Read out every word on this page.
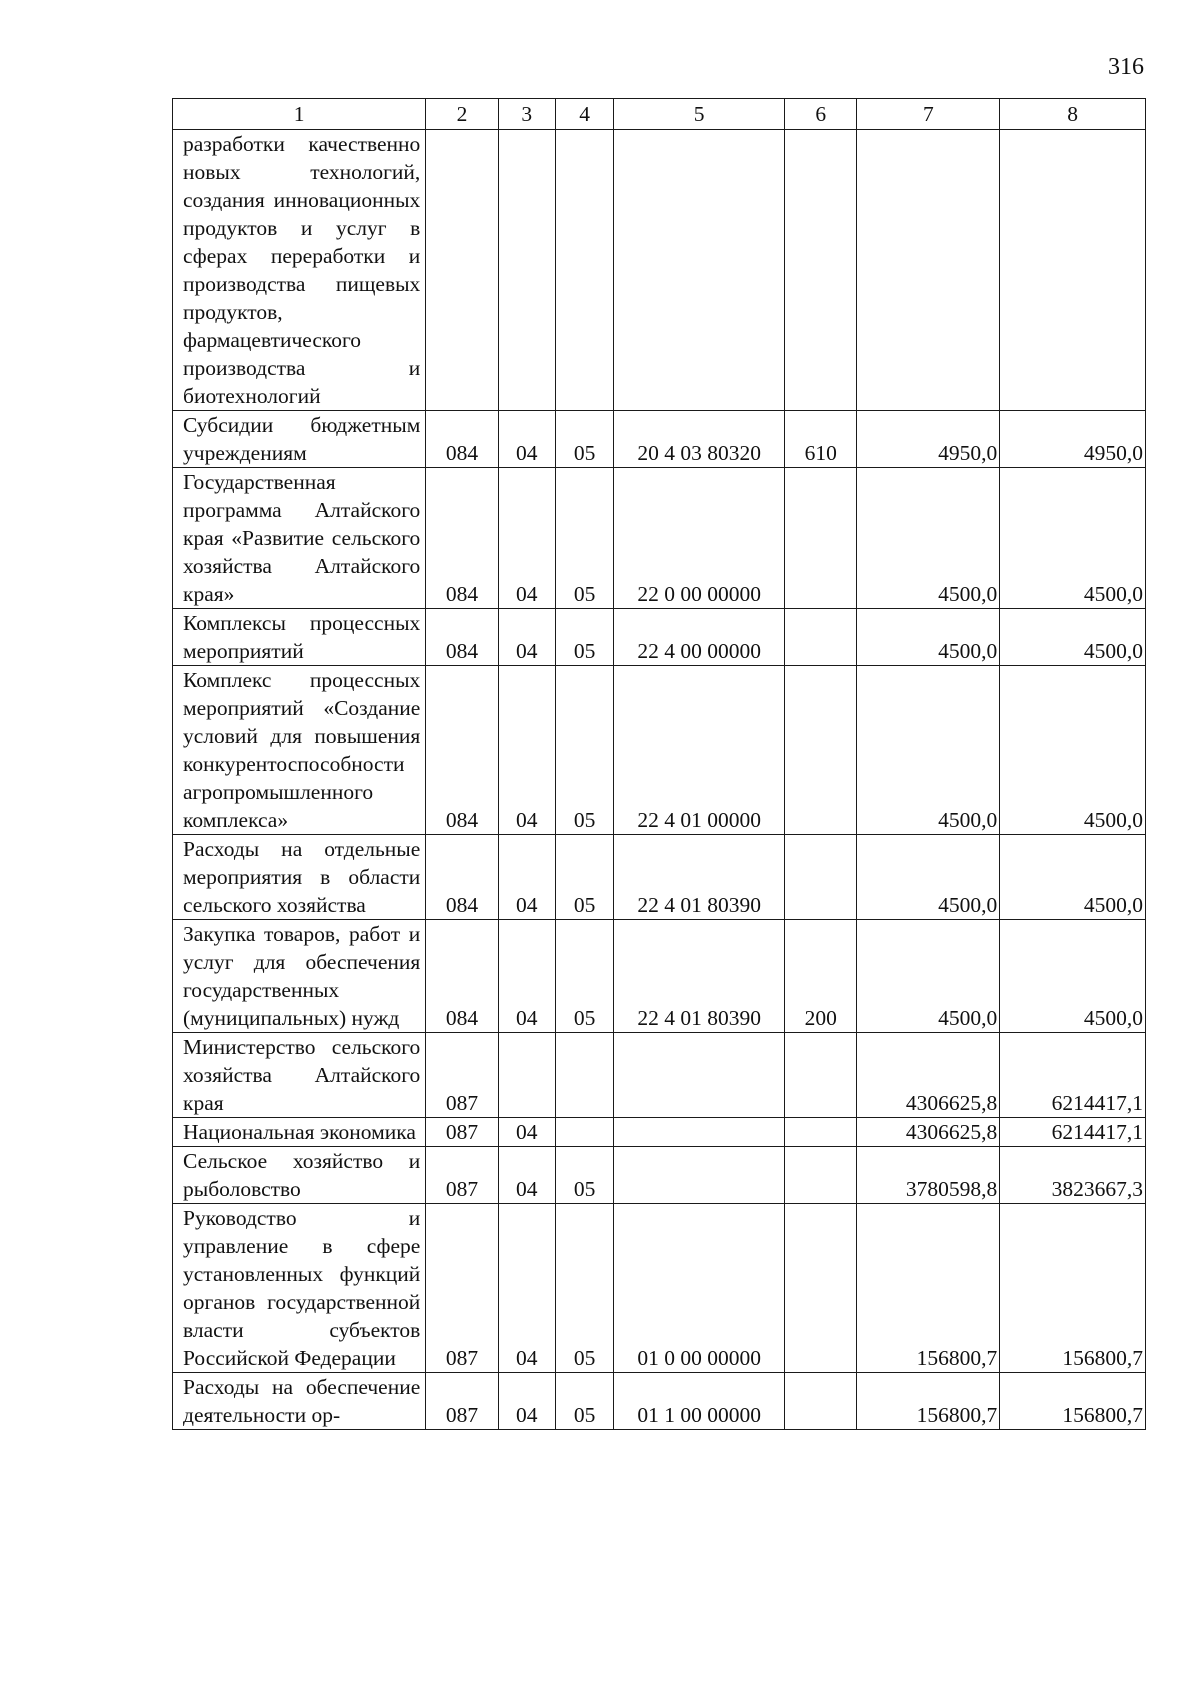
316
1	2	3	4	5	6	7	8
разработки качественно новых технологий, создания инновационных продуктов и услуг в сферах переработки и производства пищевых продуктов, фармацевтического производства и биотехнологий							
Субсидии бюджетным учреждениям	084	04	05	20 4 03 80320	610	4950,0	4950,0
Государственная программа Алтайского края «Развитие сельского хозяйства Алтайского края»	084	04	05	22 0 00 00000		4500,0	4500,0
Комплексы процессных мероприятий	084	04	05	22 4 00 00000		4500,0	4500,0
Комплекс процессных мероприятий «Создание условий для повышения конкурентоспособности агропромышленного комплекса»	084	04	05	22 4 01 00000		4500,0	4500,0
Расходы на отдельные мероприятия в области сельского хозяйства	084	04	05	22 4 01 80390		4500,0	4500,0
Закупка товаров, работ и услуг для обеспечения государственных (муниципальных) нужд	084	04	05	22 4 01 80390	200	4500,0	4500,0
Министерство сельского хозяйства Алтайского края	087					4306625,8	6214417,1
Национальная экономика	087	04				4306625,8	6214417,1
Сельское хозяйство и рыболовство	087	04	05			3780598,8	3823667,3
Руководство и управление в сфере установленных функций органов государственной власти субъектов Российской Федерации	087	04	05	01 0 00 00000		156800,7	156800,7
Расходы на обеспечение деятельности ор-	087	04	05	01 1 00 00000		156800,7	156800,7
